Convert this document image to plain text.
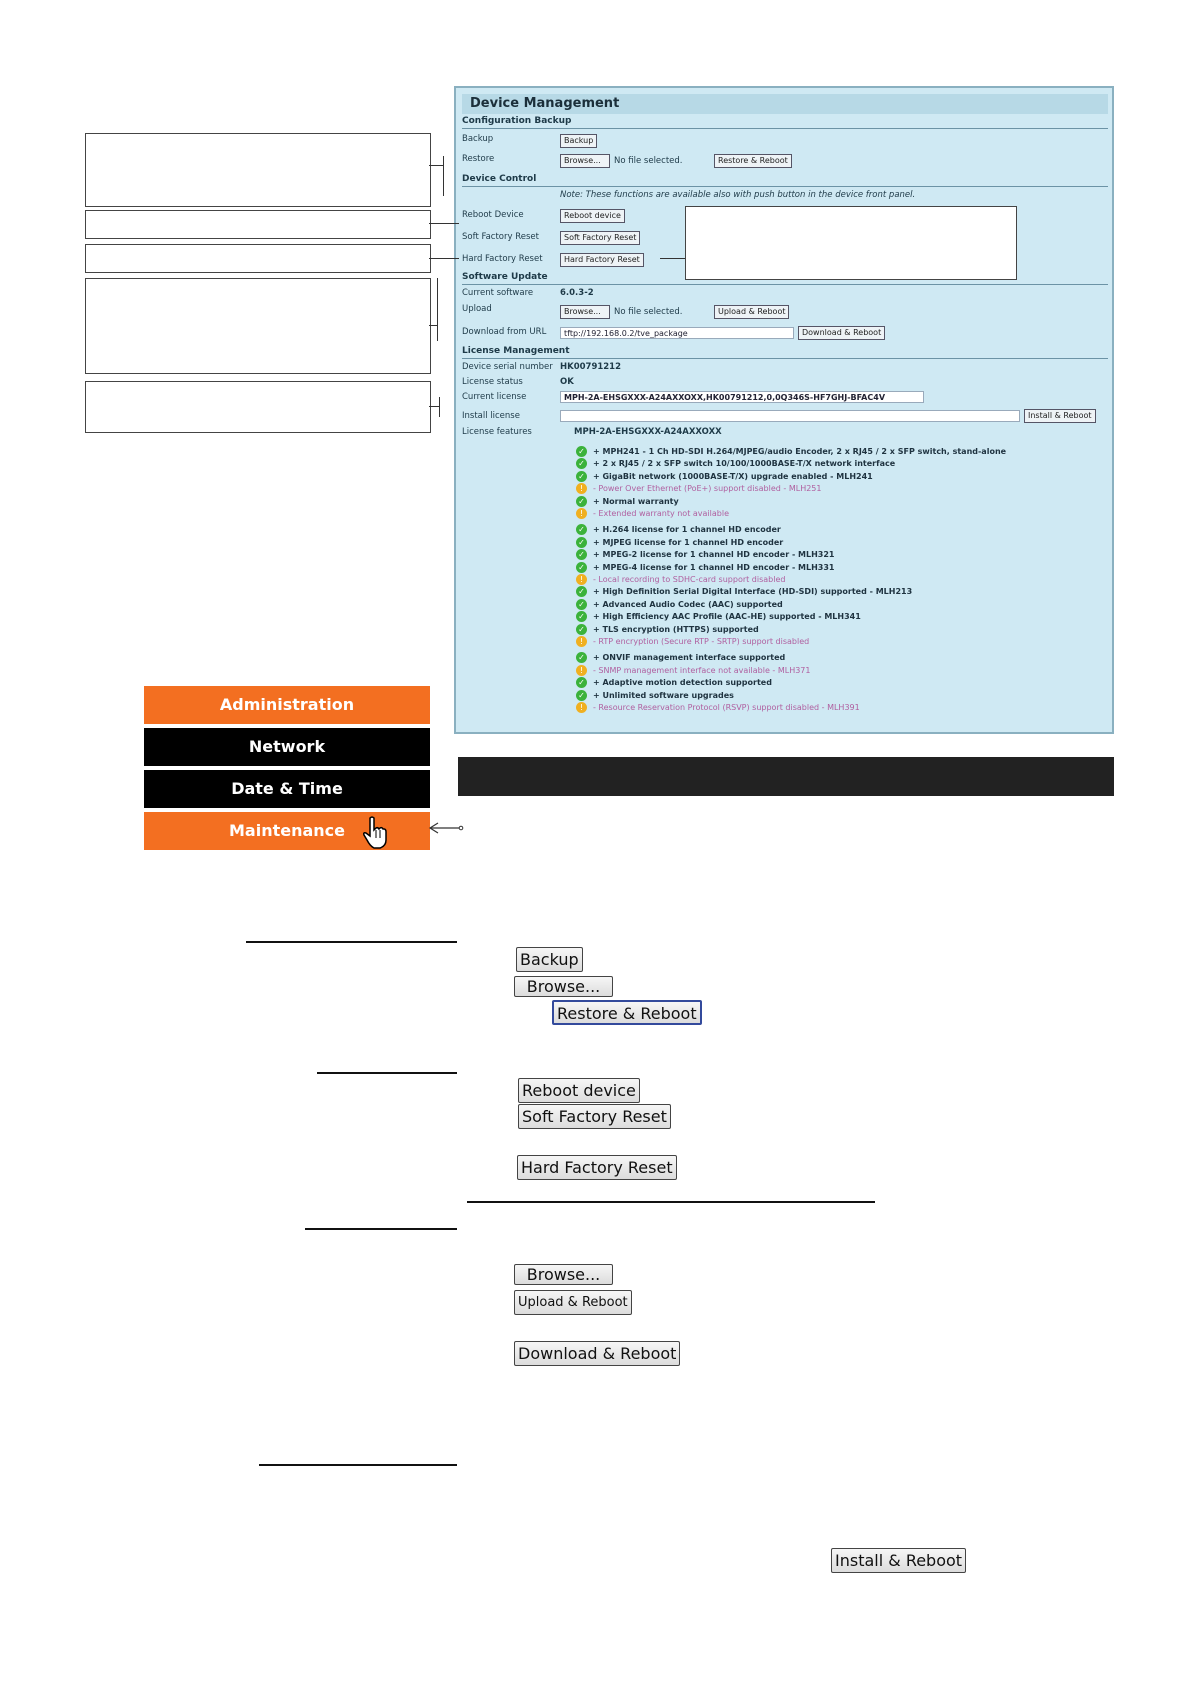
Device Management
Configuration Backup
Backup	Backup
Restore	Browse...	No file selected.	Restore & Reboot
Device Control
Note: These functions are available also with push button in the device front panel.
Reboot Device	Reboot device
Soft Factory Reset	Soft Factory Reset
Hard Factory Reset	Hard Factory Reset
Software Update
Current software	6.0.3-2
Upload	Browse...	No file selected.	Upload & Reboot
Download from URL	tftp://192.168.0.2/tve_package	Download & Reboot
License Management
Device serial number HK00791212
License status	OK
Current license	MPH-2A-EHSGXXX-A24AXXOXX,HK00791212,0,0Q346S-HF7GHJ-BFAC4V
Install license	Install & Reboot
License features	MPH-2A-EHSGXXX-A24AXXOXX
✓ + MPH241 - 1 Ch HD-SDI H.264/MJPEG/audio Encoder, 2 x RJ45 / 2 x SFP switch, stand-alone
✓ + 2 x RJ45 / 2 x SFP switch 10/100/1000BASE-T/X network interface
✓ + GigaBit network (1000BASE-T/X) upgrade enabled - MLH241
! - Power Over Ethernet (PoE+) support disabled - MLH251
✓ + Normal warranty
! - Extended warranty not available
✓ + H.264 license for 1 channel HD encoder
✓ + MJPEG license for 1 channel HD encoder
✓ + MPEG-2 license for 1 channel HD encoder - MLH321
✓ + MPEG-4 license for 1 channel HD encoder - MLH331
! - Local recording to SDHC-card support disabled
✓ + High Definition Serial Digital Interface (HD-SDI) supported - MLH213
✓ + Advanced Audio Codec (AAC) supported
✓ + High Efficiency AAC Profile (AAC-HE) supported - MLH341
✓ + TLS encryption (HTTPS) supported
! - RTP encryption (Secure RTP - SRTP) support disabled
✓ + ONVIF management interface supported
! - SNMP management interface not available - MLH371
✓ + Adaptive motion detection supported
✓ + Unlimited software upgrades
! - Resource Reservation Protocol (RSVP) support disabled - MLH391
Administration
Network
Date & Time
Maintenance
Backup
Browse...
Restore & Reboot
Reboot device
Soft Factory Reset
Hard Factory Reset
Browse...
Upload & Reboot
Download & Reboot
Install & Reboot
